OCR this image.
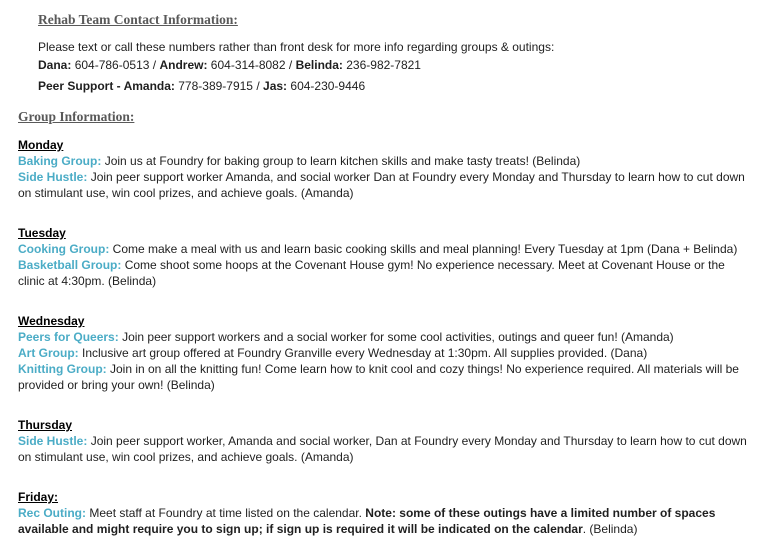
Rehab Team Contact Information:

Please text or call these numbers rather than front desk for more info regarding groups & outings:

Dana: 604-786-0513 / Andrew: 604-314-8082 / Belinda: 236-982-7821

Peer Support - Amanda: 778-389-7915 / Jas: 604-230-9446

Group Information:
Monday

Baking Group: Join us at Foundry for baking group to learn kitchen skills and make tasty treats! (Belinda)

Side Hustle: Join peer support worker Amanda, and social worker Dan at Foundry every Monday and Thursday to learn how to cut down on stimulant use, win cool prizes, and achieve goals. (Amanda)

Tuesday

Cooking Group: Come make a meal with us and learn basic cooking skills and meal planning! Every Tuesday at 1pm (Dana + Belinda)

Basketball Group: Come shoot some hoops at the Covenant House gym! No experience necessary. Meet at Covenant House or the clinic at 4:30pm. (Belinda)

Wednesday

Peers for Queers: Join peer support workers and a social worker for some cool activities, outings and queer fun! (Amanda)

Art Group: Inclusive art group offered at Foundry Granville every Wednesday at 1:30pm. All supplies provided. (Dana)

Knitting Group: Join in on all the knitting fun! Come learn how to knit cool and cozy things! No experience required. All materials will be provided or bring your own! (Belinda)

Thursday

Side Hustle: Join peer support worker, Amanda and social worker, Dan at Foundry every Monday and Thursday to learn how to cut down on stimulant use, win cool prizes, and achieve goals. (Amanda)

Friday:

Rec Outing: Meet staff at Foundry at time listed on the calendar. Note: some of these outings have a limited number of spaces available and might require you to sign up; if sign up is required it will be indicated on the calendar. (Belinda)
